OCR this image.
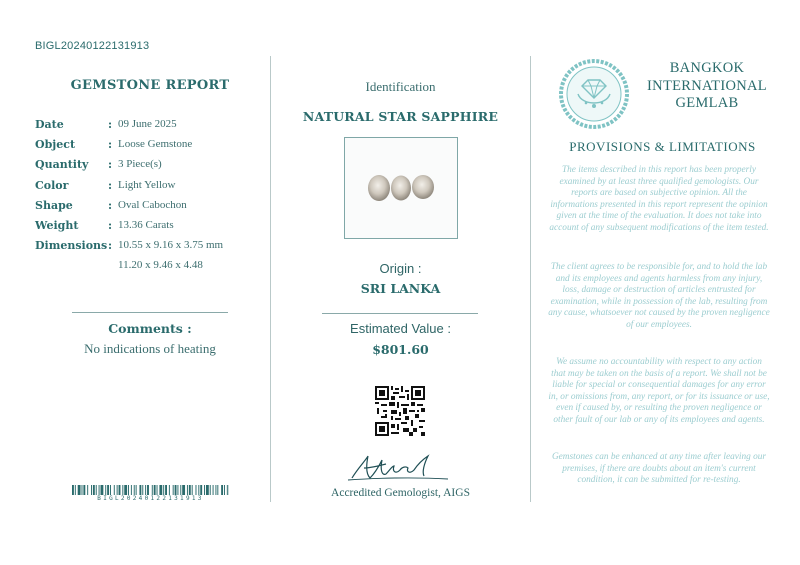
BIGL20240122131913
GEMSTONE REPORT
Date	: 09 June 2025
Object	: Loose Gemstone
Quantity	: 3 Piece(s)
Color	: Light Yellow
Shape	: Oval Cabochon
Weight	: 13.36 Carats
Dimensions : 10.55 x 9.16 x 3.75 mm
11.20 x 9.46 x 4.48
Comments :
No indications of heating
BIGL20240122131913
Identification
NATURAL STAR SAPPHIRE
Origin :
SRI LANKA
Estimated Value :
$801.60
Accredited Gemologist, AIGS
BANGKOK
INTERNATIONAL
GEMLAB
PROVISIONS & LIMITATIONS
The items described in this report has been properly examined by at least three qualified gemologists. Our reports are based on subjective opinion. All the informations presented in this report represent the opinion given at the time of the evaluation. It does not take into account of any subsequent modifications of the item tested.
The client agrees to be responsible for, and to hold the lab and its employees and agents harmless from any injury, loss, damage or destruction of articles entrusted for examination, while in possession of the lab, resulting from any cause, whatsoever not caused by the proven negligence of our employees.
We assume no accountability with respect to any action that may be taken on the basis of a report. We shall not be liable for special or consequential damages for any error in, or omissions from, any report, or for its issuance or use, even if caused by, or resulting the proven negligence or other fault of our lab or any of its employees and agents.
Gemstones can be enhanced at any time after leaving our premises, if there are doubts about an item's current condition, it can be submitted for re-testing.
